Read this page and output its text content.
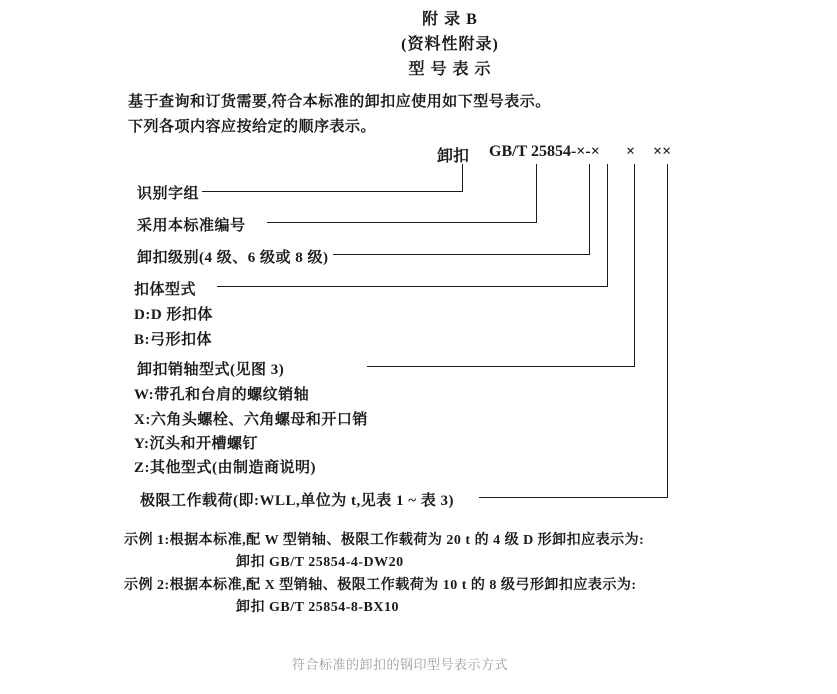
附 录 B
(资料性附录)
型 号 表 示
基于查询和订货需要,符合本标准的卸扣应使用如下型号表示。
下列各项内容应按给定的顺序表示。
卸扣 GB/T 25854-×-× × ××
识别字组
采用本标准编号
卸扣级别(4 级、6 级或 8 级)
扣体型式
D:D 形扣体
B:弓形扣体
卸扣销轴型式(见图 3)
W:带孔和台肩的螺纹销轴
X:六角头螺栓、六角螺母和开口销
Y:沉头和开槽螺钉
Z:其他型式(由制造商说明)
极限工作载荷(即:WLL,单位为 t,见表 1 ~ 表 3)
示例 1:根据本标准,配 W 型销轴、极限工作载荷为 20 t 的 4 级 D 形卸扣应表示为:
卸扣 GB/T 25854-4-DW20
示例 2:根据本标准,配 X 型销轴、极限工作载荷为 10 t 的 8 级弓形卸扣应表示为:
卸扣 GB/T 25854-8-BX10
符合标准的卸扣的钢印型号表示方式
